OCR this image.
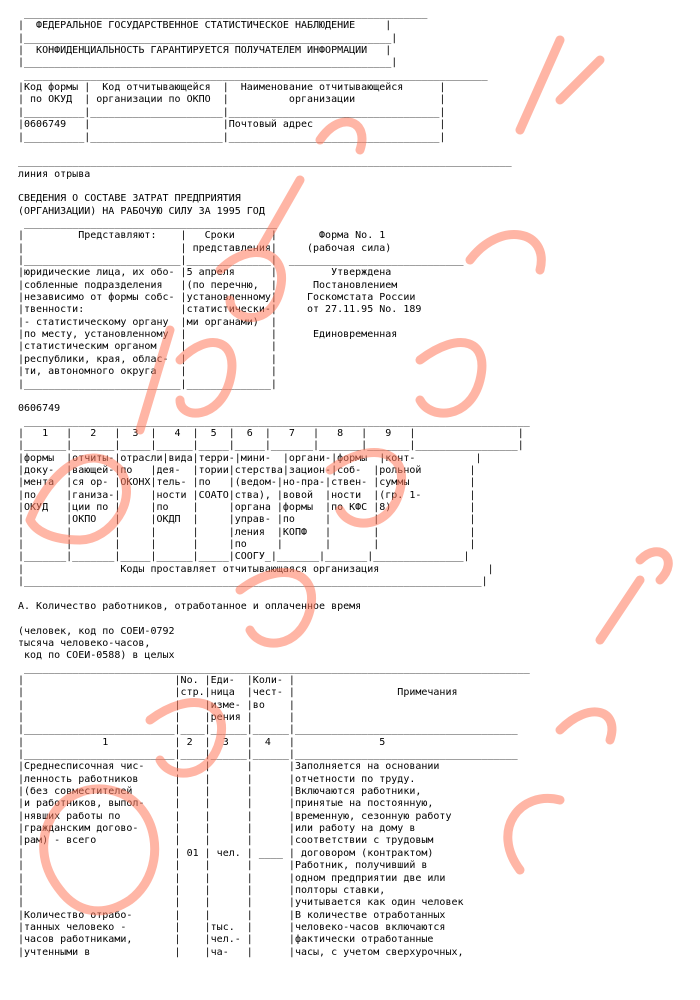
___________________________________________________________________
|  ФЕДЕРАЛЬНОЕ ГОСУДАРСТВЕННОЕ СТАТИСТИЧЕСКОЕ НАБЛЮДЕНИЕ     |
|_____________________________________________________________|
|  КОНФИДЕНЦИАЛЬНОСТЬ ГАРАНТИРУЕТСЯ ПОЛУЧАТЕЛЕМ ИНФОРМАЦИИ   |
|_____________________________________________________________|
_____________________________________________________________________________
|Код формы |  Код отчитывающейся  |  Наименование отчитывающейся      |
| по ОКУД  | организации по ОКПО  |          организации              |
|__________|______________________|___________________________________|
|0606749   |                      |Почтовый адрес                     |
|__________|______________________|___________________________________|

__________________________________________________________________________________
линия отрыва

СВЕДЕНИЯ О СОСТАВЕ ЗАТРАТ ПРЕДПРИЯТИЯ
(ОРГАНИЗАЦИИ) НА РАБОЧУЮ СИЛУ ЗА 1995 ГОД
__________________________________________
|         Представляют:    |   Сроки      |       Форма No. 1
|                          | представления|     (рабочая сила)
|__________________________|______________|  _____________________________
|юридические лица, их обо- |5 апреля      |         Утверждена
|собленные подразделения   |(по перечню,  |      Постановлением
|независимо от формы собс- |установленному|     Госкомстата России
|твенности:                |статистически-|     от 27.11.95 No. 189
|- статистическому органу  |ми органами)  |
|по месту, установленному  |              |      Единовременная
|статистическим органом    |              |
|республики, края, облас-  |              |
|ти, автономного округа    |              |
|__________________________|______________|

0606749
____________________________________________________________________________________
|   1   |   2   |  3  |   4  |  5  |  6  |   7   |   8   |   9   |                 |
|_______|_______|_____|______|_____|_____|_______|_______|_______|_________________|
|формы  |отчиты-|отрасли|вида|терри-|мини-  |органи-|формы  |конт-          |
|доку-  |вающей-|по   |дея-  |тории|стерства|зацион-|соб-  |рольной        |
|мента  |ся ор- |ОКОНХ|тель- |по   |(ведом-|но-пра-|ствен- |суммы          |
|по     |ганиза-|     |ности |СОАТО|ства), |вовой  |ности  |(гр. 1-        |
|ОКУД   |ции по |     |по    |     |органа |формы  |по КФС |8)             |
|       |ОКПО   |     |ОКДП  |     |управ- |по     |       |               |
|       |       |     |      |     |ления  |КОПФ   |       |               |
|       |       |     |      |     |по     |       |       |               |
|_______|_______|_____|______|_____|СООГУ_|_______|_______|_______________|
|                Коды проставляет отчитывающаяся организация                  |
|____________________________________________________________________________|

А. Количество работников, отработанное и оплаченное время

(человек, код по СОЕИ-0792
тысяча человеко-часов,
код по СОЕИ-0588) в целых
____________________________________________________________________________________
|                         |No. |Еди-  |Коли- |
|                         |стр.|ница  |чест- |                 Примечания
|                         |    |изме- |во    |
|                         |    |рения |      |
|_________________________|____|______|______|_____________________________________
|             1           | 2  |  3   |  4   |              5
|_________________________|____|______|______|_____________________________________
|Среднесписочная чис-     |    |      |      |Заполняется на основании
|ленность работников      |    |      |      |отчетности по труду.
|(без совместителей       |    |      |      |Включаются работники,
|и работников, выпол-     |    |      |      |принятые на постоянную,
|нявших работы по         |    |      |      |временную, сезонную работу
|гражданским догово-      |    |      |      |или работу на дому в
|рам) - всего             |    |      |      |соответствии с трудовым
|                         | 01 | чел. | ____ | договором (контрактом)
|                         |    |      |      |Работник, получивший в
|                         |    |      |      |одном предприятии две или
|                         |    |      |      |полторы ставки,
|                         |    |      |      |учитывается как один человек
|Количество отрабо-       |    |      |      |В количестве отработанных
|танных человеко -        |    |тыс.  |      |человеко-часов включаются
|часов работниками,       |    |чел.- |      |фактически отработанные
|учтенными в              |    |ча-   |      |часы, с учетом сверхурочных,
